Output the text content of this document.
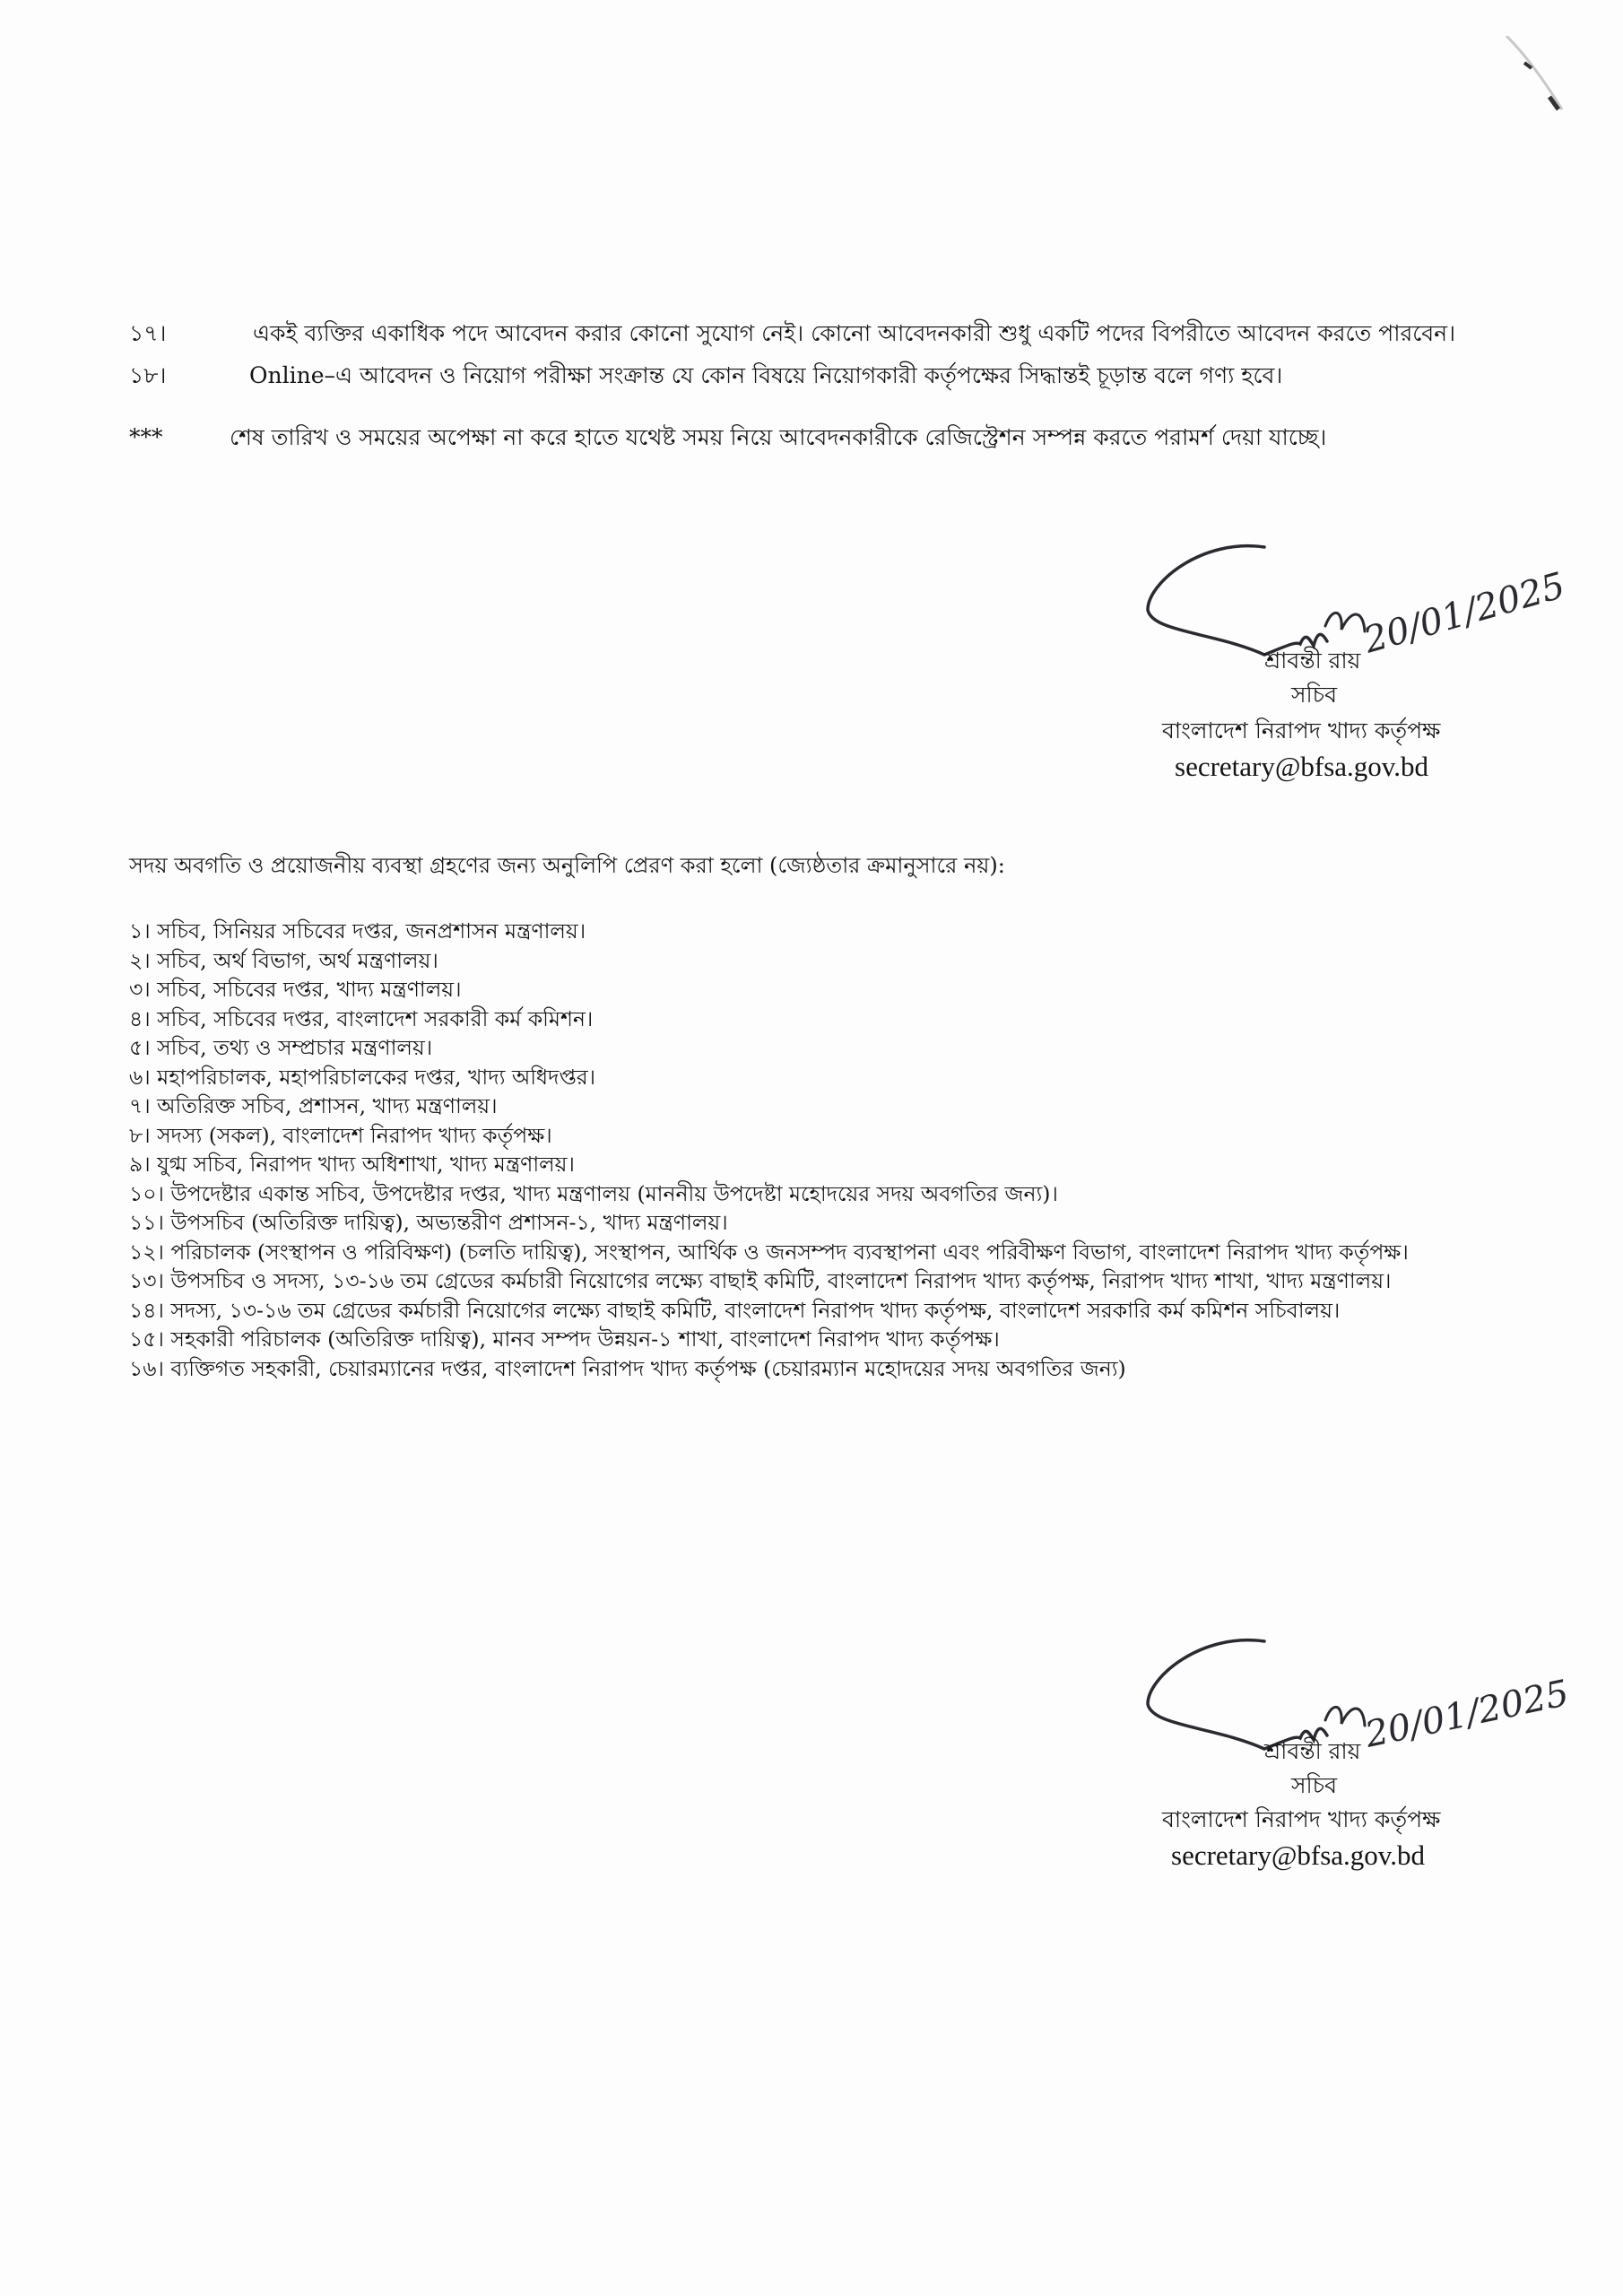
১৭।	একই ব্যক্তির একাধিক পদে আবেদন করার কোনো সুযোগ নেই। কোনো আবেদনকারী শুধু একটি পদের বিপরীতে আবেদন করতে পারবেন।
১৮।	Online–এ আবেদন ও নিয়োগ পরীক্ষা সংক্রান্ত যে কোন বিষয়ে নিয়োগকারী কর্তৃপক্ষের সিদ্ধান্তই চূড়ান্ত বলে গণ্য হবে।
***	শেষ তারিখ ও সময়ের অপেক্ষা না করে হাতে যথেষ্ট সময় নিয়ে আবেদনকারীকে রেজিস্ট্রেশন সম্পন্ন করতে পরামর্শ দেয়া যাচ্ছে।
20/01/2025
শ্রাবন্তী রায়
সচিব
বাংলাদেশ নিরাপদ খাদ্য কর্তৃপক্ষ
secretary@bfsa.gov.bd
সদয় অবগতি ও প্রয়োজনীয় ব্যবস্থা গ্রহণের জন্য অনুলিপি প্রেরণ করা হলো (জ্যেষ্ঠতার ক্রমানুসারে নয়):
১। সচিব, সিনিয়র সচিবের দপ্তর, জনপ্রশাসন মন্ত্রণালয়।
২। সচিব, অর্থ বিভাগ, অর্থ মন্ত্রণালয়।
৩। সচিব, সচিবের দপ্তর, খাদ্য মন্ত্রণালয়।
৪। সচিব, সচিবের দপ্তর, বাংলাদেশ সরকারী কর্ম কমিশন।
৫। সচিব, তথ্য ও সম্প্রচার মন্ত্রণালয়।
৬। মহাপরিচালক, মহাপরিচালকের দপ্তর, খাদ্য অধিদপ্তর।
৭। অতিরিক্ত সচিব, প্রশাসন, খাদ্য মন্ত্রণালয়।
৮। সদস্য (সকল), বাংলাদেশ নিরাপদ খাদ্য কর্তৃপক্ষ।
৯। যুগ্ম সচিব, নিরাপদ খাদ্য অধিশাখা, খাদ্য মন্ত্রণালয়।
১০। উপদেষ্টার একান্ত সচিব, উপদেষ্টার দপ্তর, খাদ্য মন্ত্রণালয় (মাননীয় উপদেষ্টা মহোদয়ের সদয় অবগতির জন্য)।
১১। উপসচিব (অতিরিক্ত দায়িত্ব), অভ্যন্তরীণ প্রশাসন-১, খাদ্য মন্ত্রণালয়।
১২। পরিচালক (সংস্থাপন ও পরিবিক্ষণ) (চলতি দায়িত্ব), সংস্থাপন, আর্থিক ও জনসম্পদ ব্যবস্থাপনা এবং পরিবীক্ষণ বিভাগ, বাংলাদেশ নিরাপদ খাদ্য কর্তৃপক্ষ।
১৩। উপসচিব ও সদস্য, ১৩-১৬ তম গ্রেডের কর্মচারী নিয়োগের লক্ষ্যে বাছাই কমিটি, বাংলাদেশ নিরাপদ খাদ্য কর্তৃপক্ষ, নিরাপদ খাদ্য শাখা, খাদ্য মন্ত্রণালয়।
১৪। সদস্য, ১৩-১৬ তম গ্রেডের কর্মচারী নিয়োগের লক্ষ্যে বাছাই কমিটি, বাংলাদেশ নিরাপদ খাদ্য কর্তৃপক্ষ, বাংলাদেশ সরকারি কর্ম কমিশন সচিবালয়।
১৫। সহকারী পরিচালক (অতিরিক্ত দায়িত্ব), মানব সম্পদ উন্নয়ন-১ শাখা, বাংলাদেশ নিরাপদ খাদ্য কর্তৃপক্ষ।
১৬। ব্যক্তিগত সহকারী, চেয়ারম্যানের দপ্তর, বাংলাদেশ নিরাপদ খাদ্য কর্তৃপক্ষ (চেয়ারম্যান মহোদয়ের সদয় অবগতির জন্য)
20/01/2025
শ্রাবন্তী রায়
সচিব
বাংলাদেশ নিরাপদ খাদ্য কর্তৃপক্ষ
secretary@bfsa.gov.bd
